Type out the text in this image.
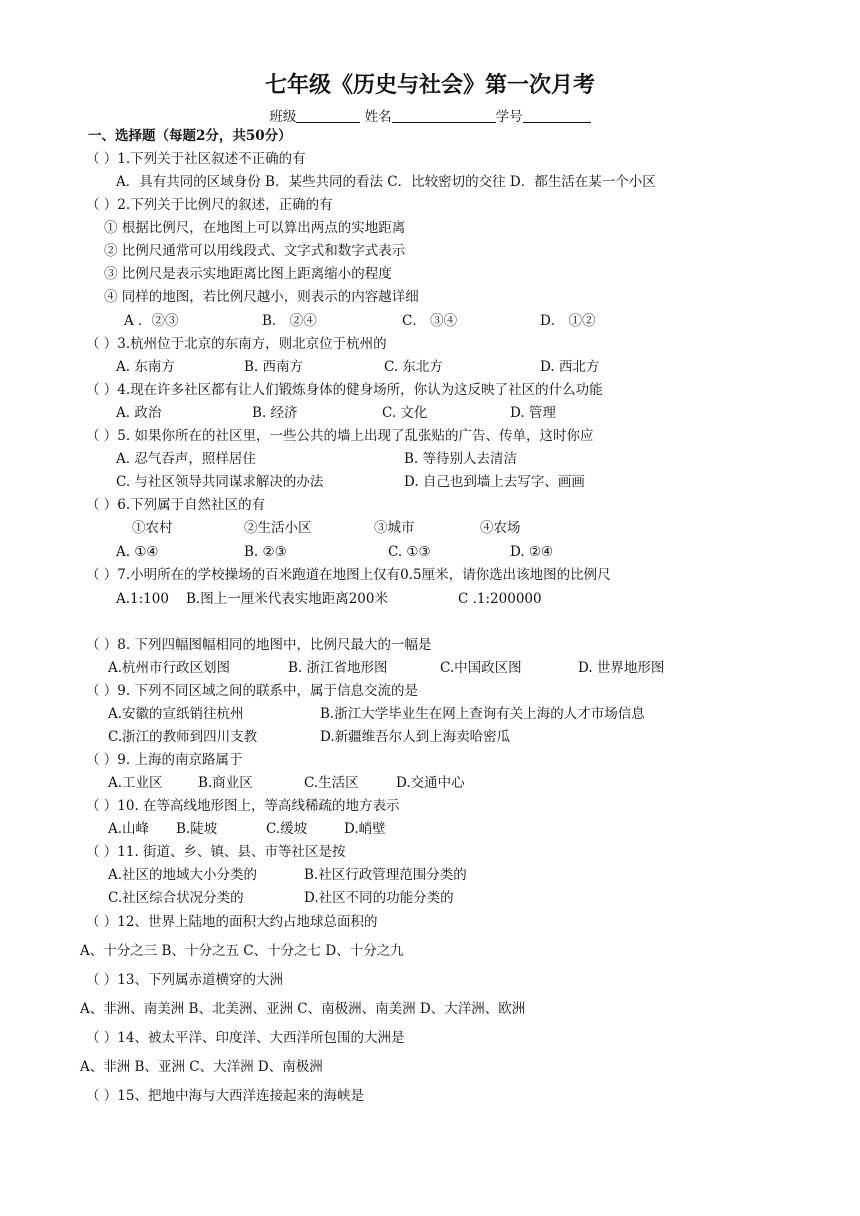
七年级《历史与社会》第一次月考
班级	姓名	学号
一、选择题（每题2分，共50分）
（ ）1.下列关于社区叙述不正确的有
A．具有共同的区域身份 B．某些共同的看法 C．比较密切的交往 D．都生活在某一个小区
（ ）2.下列关于比例尺的叙述，正确的有
① 根据比例尺，在地图上可以算出两点的实地距离
② 比例尺通常可以用线段式、文字式和数字式表示
③ 比例尺是表示实地距离比图上距离缩小的程度
④ 同样的地图，若比例尺越小，则表示的内容越详细
A ．②③	B． ②④	C． ③④	D． ①②
（ ）3.杭州位于北京的东南方，则北京位于杭州的
A. 东南方	B. 西南方	C. 东北方	D. 西北方
（ ）4.现在许多社区都有让人们锻炼身体的健身场所，你认为这反映了社区的什么功能
A. 政治	B. 经济	C. 文化	D. 管理
（ ）5. 如果你所在的社区里，一些公共的墙上出现了乱张贴的广告、传单，这时你应
A. 忍气吞声，照样居住	B. 等待别人去清洁
C. 与社区领导共同谋求解决的办法	D. 自己也到墙上去写字、画画
（ ）6.下列属于自然社区的有
①农村	②生活小区	③城市	④农场
A. ①④	B. ②③	C. ①③	D. ②④
（ ）7.小明所在的学校操场的百米跑道在地图上仅有0.5厘米，请你选出该地图的比例尺
A.1:100 B.图上一厘米代表实地距离200米	C .1:200000
（ ）8. 下列四幅图幅相同的地图中，比例尺最大的一幅是
A.杭州市行政区划图	B. 浙江省地形图	C.中国政区图	D. 世界地形图
（ ）9. 下列不同区域之间的联系中，属于信息交流的是
A.安徽的宣纸销往杭州	B.浙江大学毕业生在网上查询有关上海的人才市场信息
C.浙江的教师到四川支教	D.新疆维吾尔人到上海卖哈密瓜
（ ）9. 上海的南京路属于
A.工业区	B.商业区	C.生活区	D.交通中心
（ ）10. 在等高线地形图上，等高线稀疏的地方表示
A.山峰 B.陡坡	C.缓坡	D.峭壁
（ ）11. 街道、乡、镇、县、市等社区是按
A.社区的地域大小分类的	B.社区行政管理范围分类的
C.社区综合状况分类的	D.社区不同的功能分类的
（ ）12、世界上陆地的面积大约占地球总面积的
A、十分之三 B、十分之五 C、十分之七 D、十分之九
（ ）13、下列属赤道横穿的大洲
A、非洲、南美洲 B、北美洲、亚洲 C、南极洲、南美洲 D、大洋洲、欧洲
（ ）14、被太平洋、印度洋、大西洋所包围的大洲是
A、非洲 B、亚洲 C、大洋洲 D、南极洲
（ ）15、把地中海与大西洋连接起来的海峡是
